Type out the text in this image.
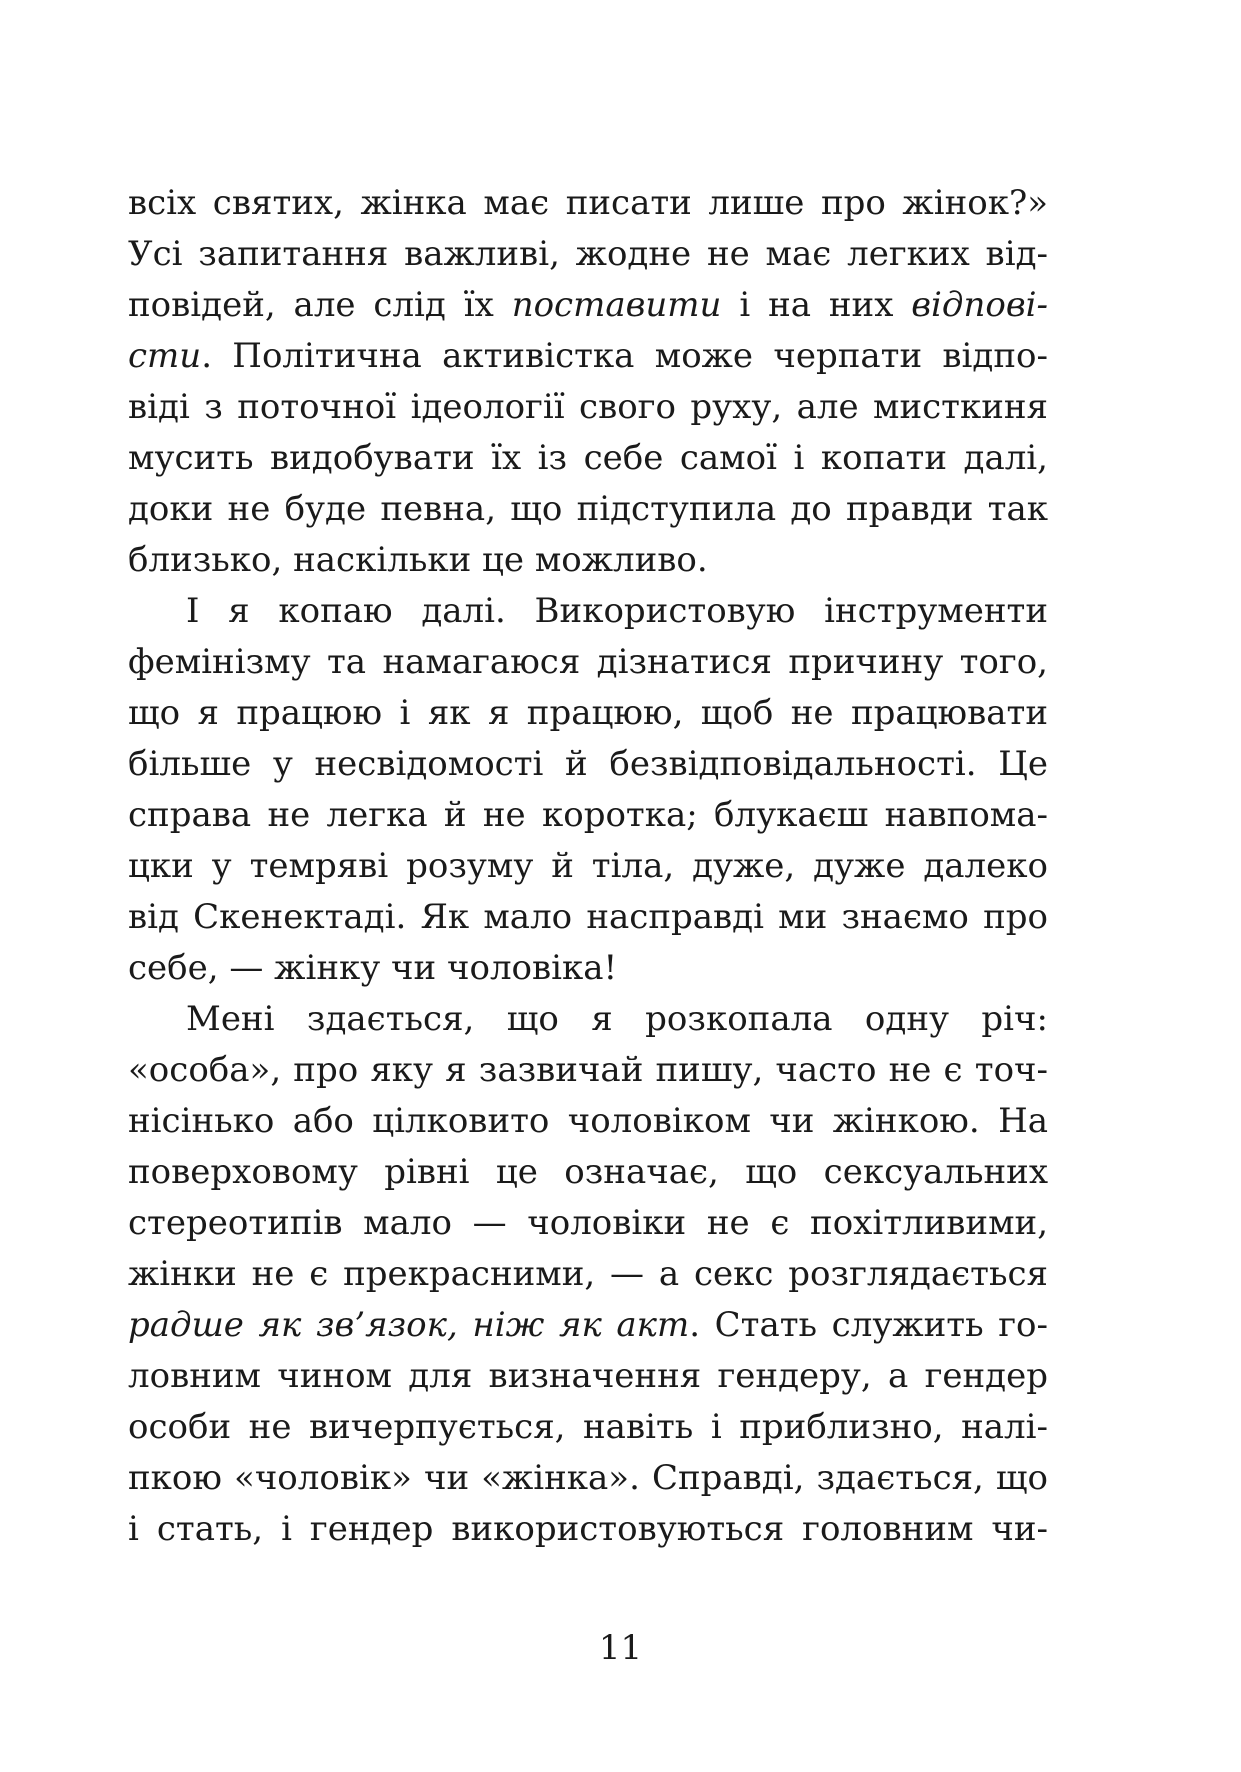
всіх святих, жінка має писати лише про жінок?»
Усі запитання важливі, жодне не має легких від-
повідей, але слід їх поставити і на них відпові-
сти. Політична активістка може черпати відпо-
віді з поточної ідеології свого руху, але мисткиня
мусить видобувати їх із себе самої і копати далі,
доки не буде певна, що підступила до правди так
близько, наскільки це можливо.
І я копаю далі. Використовую інструменти
фемінізму та намагаюся дізнатися причину того,
що я працюю і як я працюю, щоб не працювати
більше у несвідомості й безвідповідальності. Це
справа не легка й не коротка; блукаєш навпома-
цки у темряві розуму й тіла, дуже, дуже далеко
від Скенектаді. Як мало насправді ми знаємо про
себе, — жінку чи чоловіка!
Мені здається, що я розкопала одну річ:
«особа», про яку я зазвичай пишу, часто не є точ-
нісінько або цілковито чоловіком чи жінкою. На
поверховому рівні це означає, що сексуальних
стереотипів мало — чоловіки не є похітливими,
жінки не є прекрасними, — а секс розглядається
радше як зв’язок, ніж як акт. Стать служить го-
ловним чином для визначення гендеру, а гендер
особи не вичерпується, навіть і приблизно, налі-
пкою «чоловік» чи «жінка». Справді, здається, що
і стать, і гендер використовуються головним чи-
11
